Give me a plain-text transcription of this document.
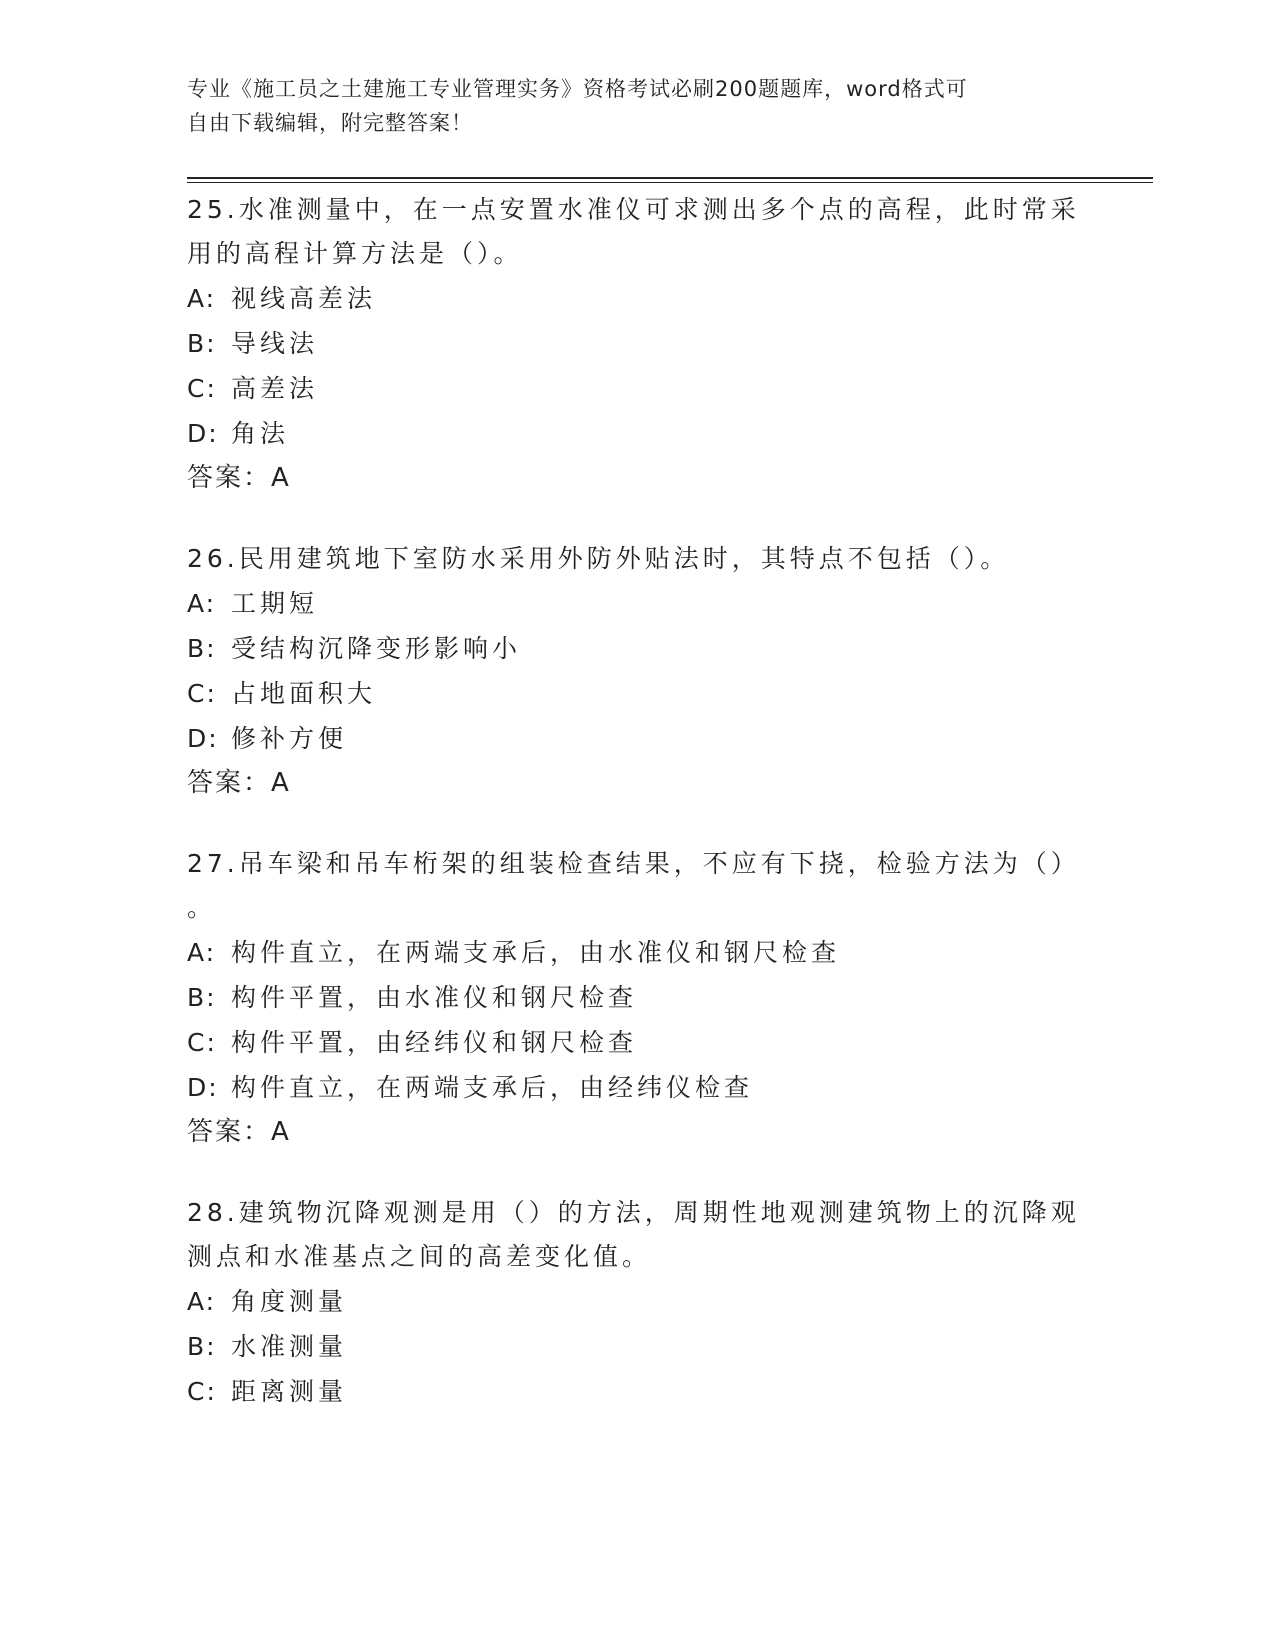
专业《施工员之土建施工专业管理实务》资格考试必刷200题题库，word格式可
自由下载编辑，附完整答案！
25.水准测量中，在一点安置水准仪可求测出多个点的高程，此时常采
用的高程计算方法是（）。
A: 视线高差法
B: 导线法
C: 高差法
D: 角法
答案：A
26.民用建筑地下室防水采用外防外贴法时，其特点不包括（）。
A: 工期短
B: 受结构沉降变形影响小
C: 占地面积大
D: 修补方便
答案：A
27.吊车梁和吊车桁架的组装检查结果，不应有下挠，检验方法为（）
。
A: 构件直立，在两端支承后，由水准仪和钢尺检查
B: 构件平置，由水准仪和钢尺检查
C: 构件平置，由经纬仪和钢尺检查
D: 构件直立，在两端支承后，由经纬仪检查
答案：A
28.建筑物沉降观测是用（）的方法，周期性地观测建筑物上的沉降观
测点和水准基点之间的高差变化值。
A: 角度测量
B: 水准测量
C: 距离测量
